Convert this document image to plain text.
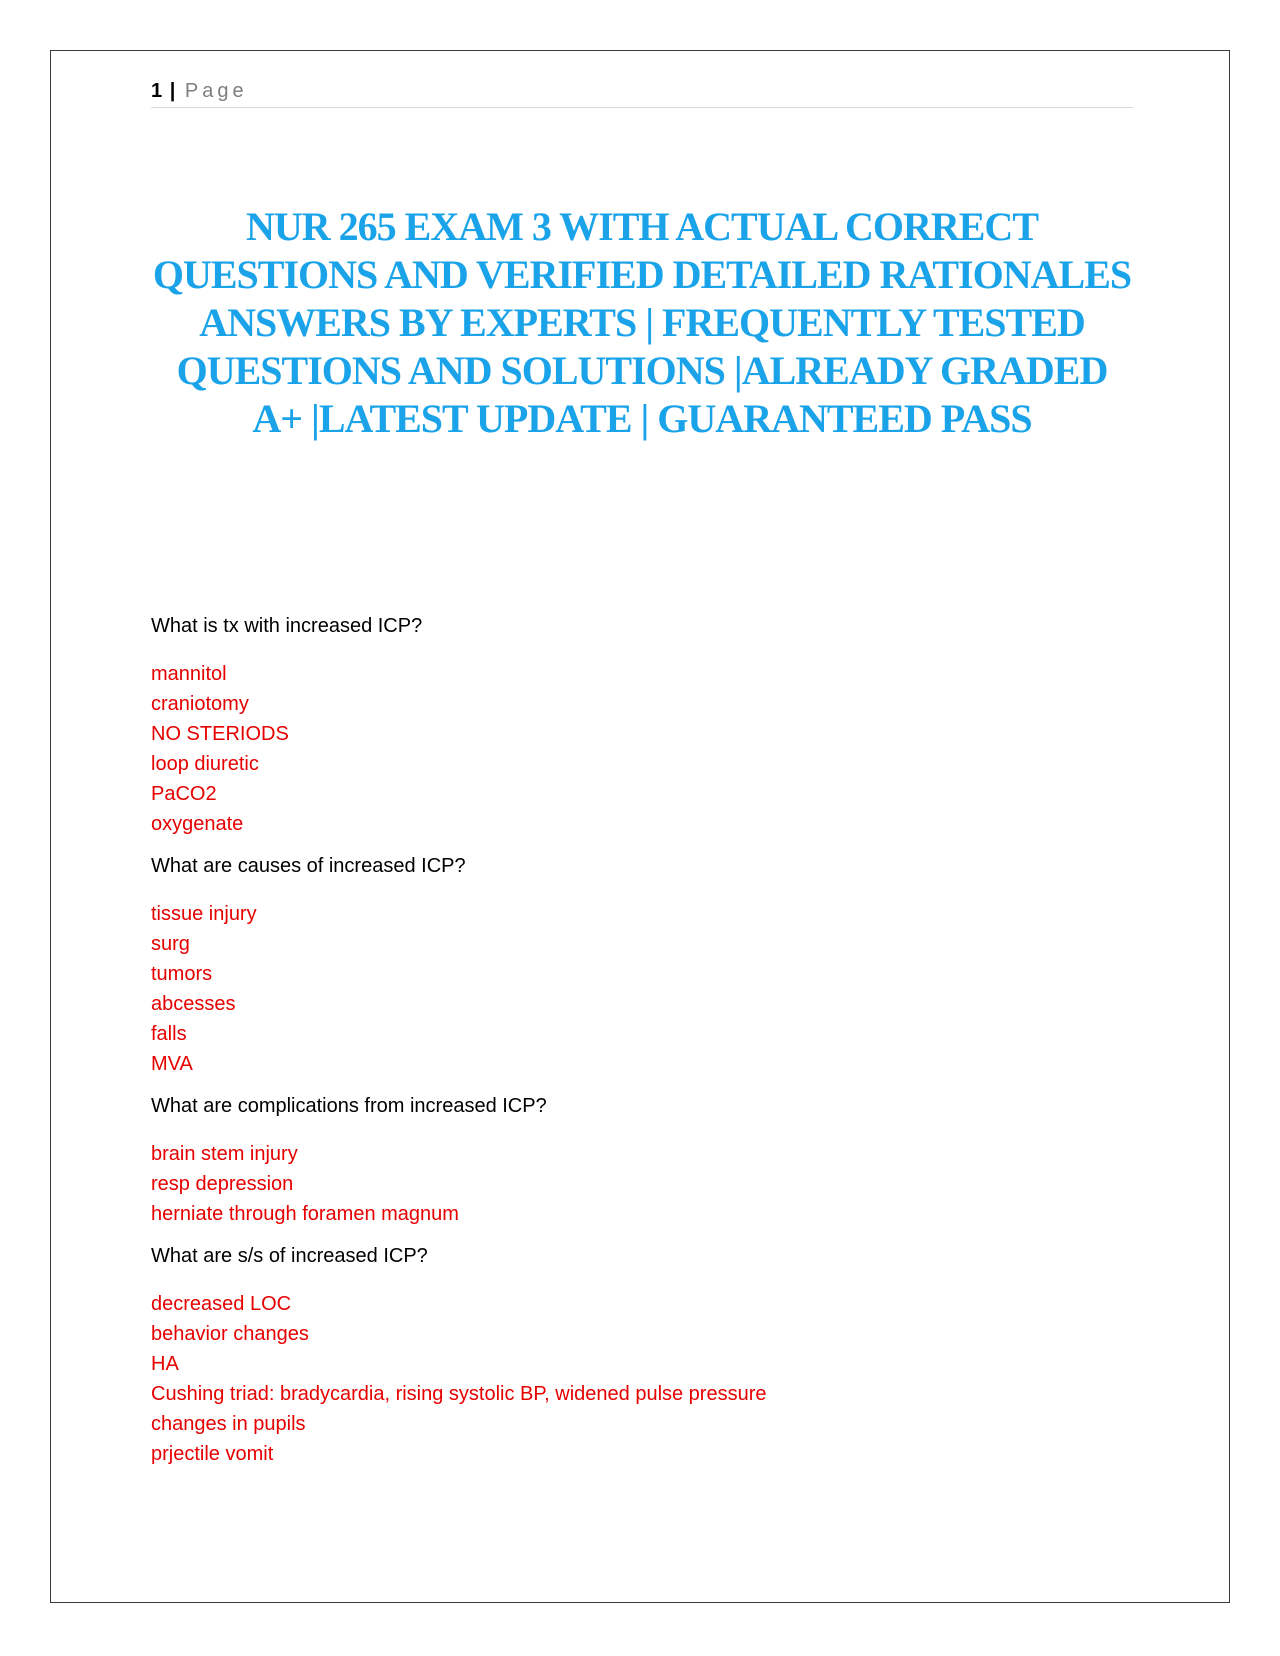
1 | Page
NUR 265 EXAM 3 WITH ACTUAL CORRECT QUESTIONS AND VERIFIED DETAILED RATIONALES ANSWERS BY EXPERTS | FREQUENTLY TESTED QUESTIONS AND SOLUTIONS |ALREADY GRADED A+ |LATEST UPDATE | GUARANTEED PASS

What is tx with increased ICP?

mannitol
craniotomy
NO STERIODS
loop diuretic
PaCO2
oxygenate

What are causes of increased ICP?

tissue injury
surg
tumors
abcesses
falls
MVA

What are complications from increased ICP?

brain stem injury
resp depression
herniate through foramen magnum

What are s/s of increased ICP?

decreased LOC
behavior changes
HA
Cushing triad: bradycardia, rising systolic BP, widened pulse pressure
changes in pupils
prjectile vomit
